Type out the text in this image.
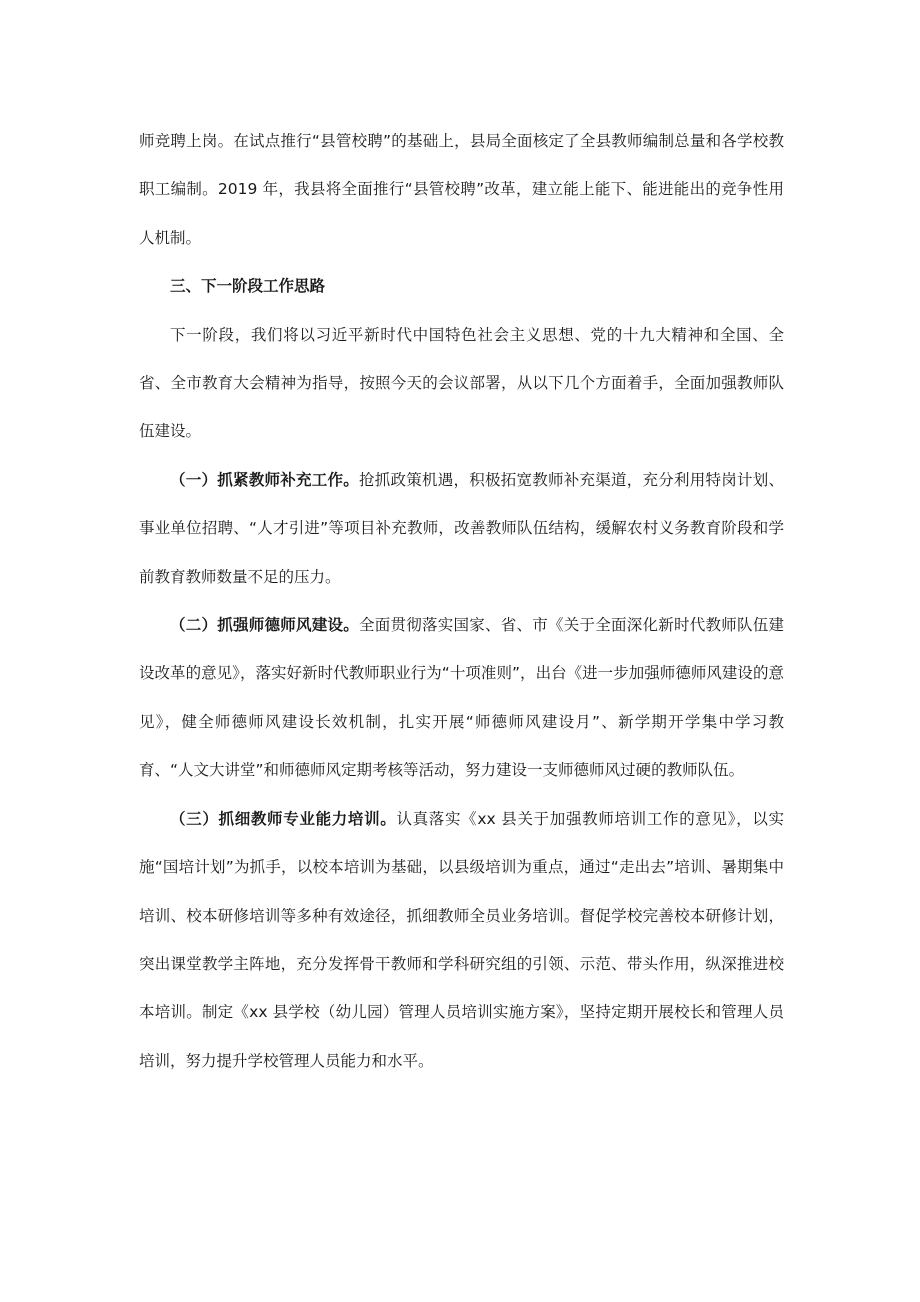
师竞聘上岗。在试点推行“县管校聘”的基础上，县局全面核定了全县教师编制总量和各学校教职工编制。2019 年，我县将全面推行“县管校聘”改革，建立能上能下、能进能出的竞争性用人机制。

三、下一阶段工作思路

下一阶段，我们将以习近平新时代中国特色社会主义思想、党的十九大精神和全国、全省、全市教育大会精神为指导，按照今天的会议部署，从以下几个方面着手，全面加强教师队伍建设。

（一）抓紧教师补充工作。抢抓政策机遇，积极拓宽教师补充渠道，充分利用特岗计划、事业单位招聘、“人才引进”等项目补充教师，改善教师队伍结构，缓解农村义务教育阶段和学前教育教师数量不足的压力。

（二）抓强师德师风建设。全面贯彻落实国家、省、市《关于全面深化新时代教师队伍建设改革的意见》，落实好新时代教师职业行为“十项准则”，出台《进一步加强师德师风建设的意见》，健全师德师风建设长效机制，扎实开展“师德师风建设月”、新学期开学集中学习教育、“人文大讲堂”和师德师风定期考核等活动，努力建设一支师德师风过硬的教师队伍。

（三）抓细教师专业能力培训。认真落实《xx 县关于加强教师培训工作的意见》，以实施“国培计划”为抓手，以校本培训为基础，以县级培训为重点，通过“走出去”培训、暑期集中培训、校本研修培训等多种有效途径，抓细教师全员业务培训。督促学校完善校本研修计划，突出课堂教学主阵地，充分发挥骨干教师和学科研究组的引领、示范、带头作用，纵深推进校本培训。制定《xx 县学校（幼儿园）管理人员培训实施方案》，坚持定期开展校长和管理人员培训，努力提升学校管理人员能力和水平。
